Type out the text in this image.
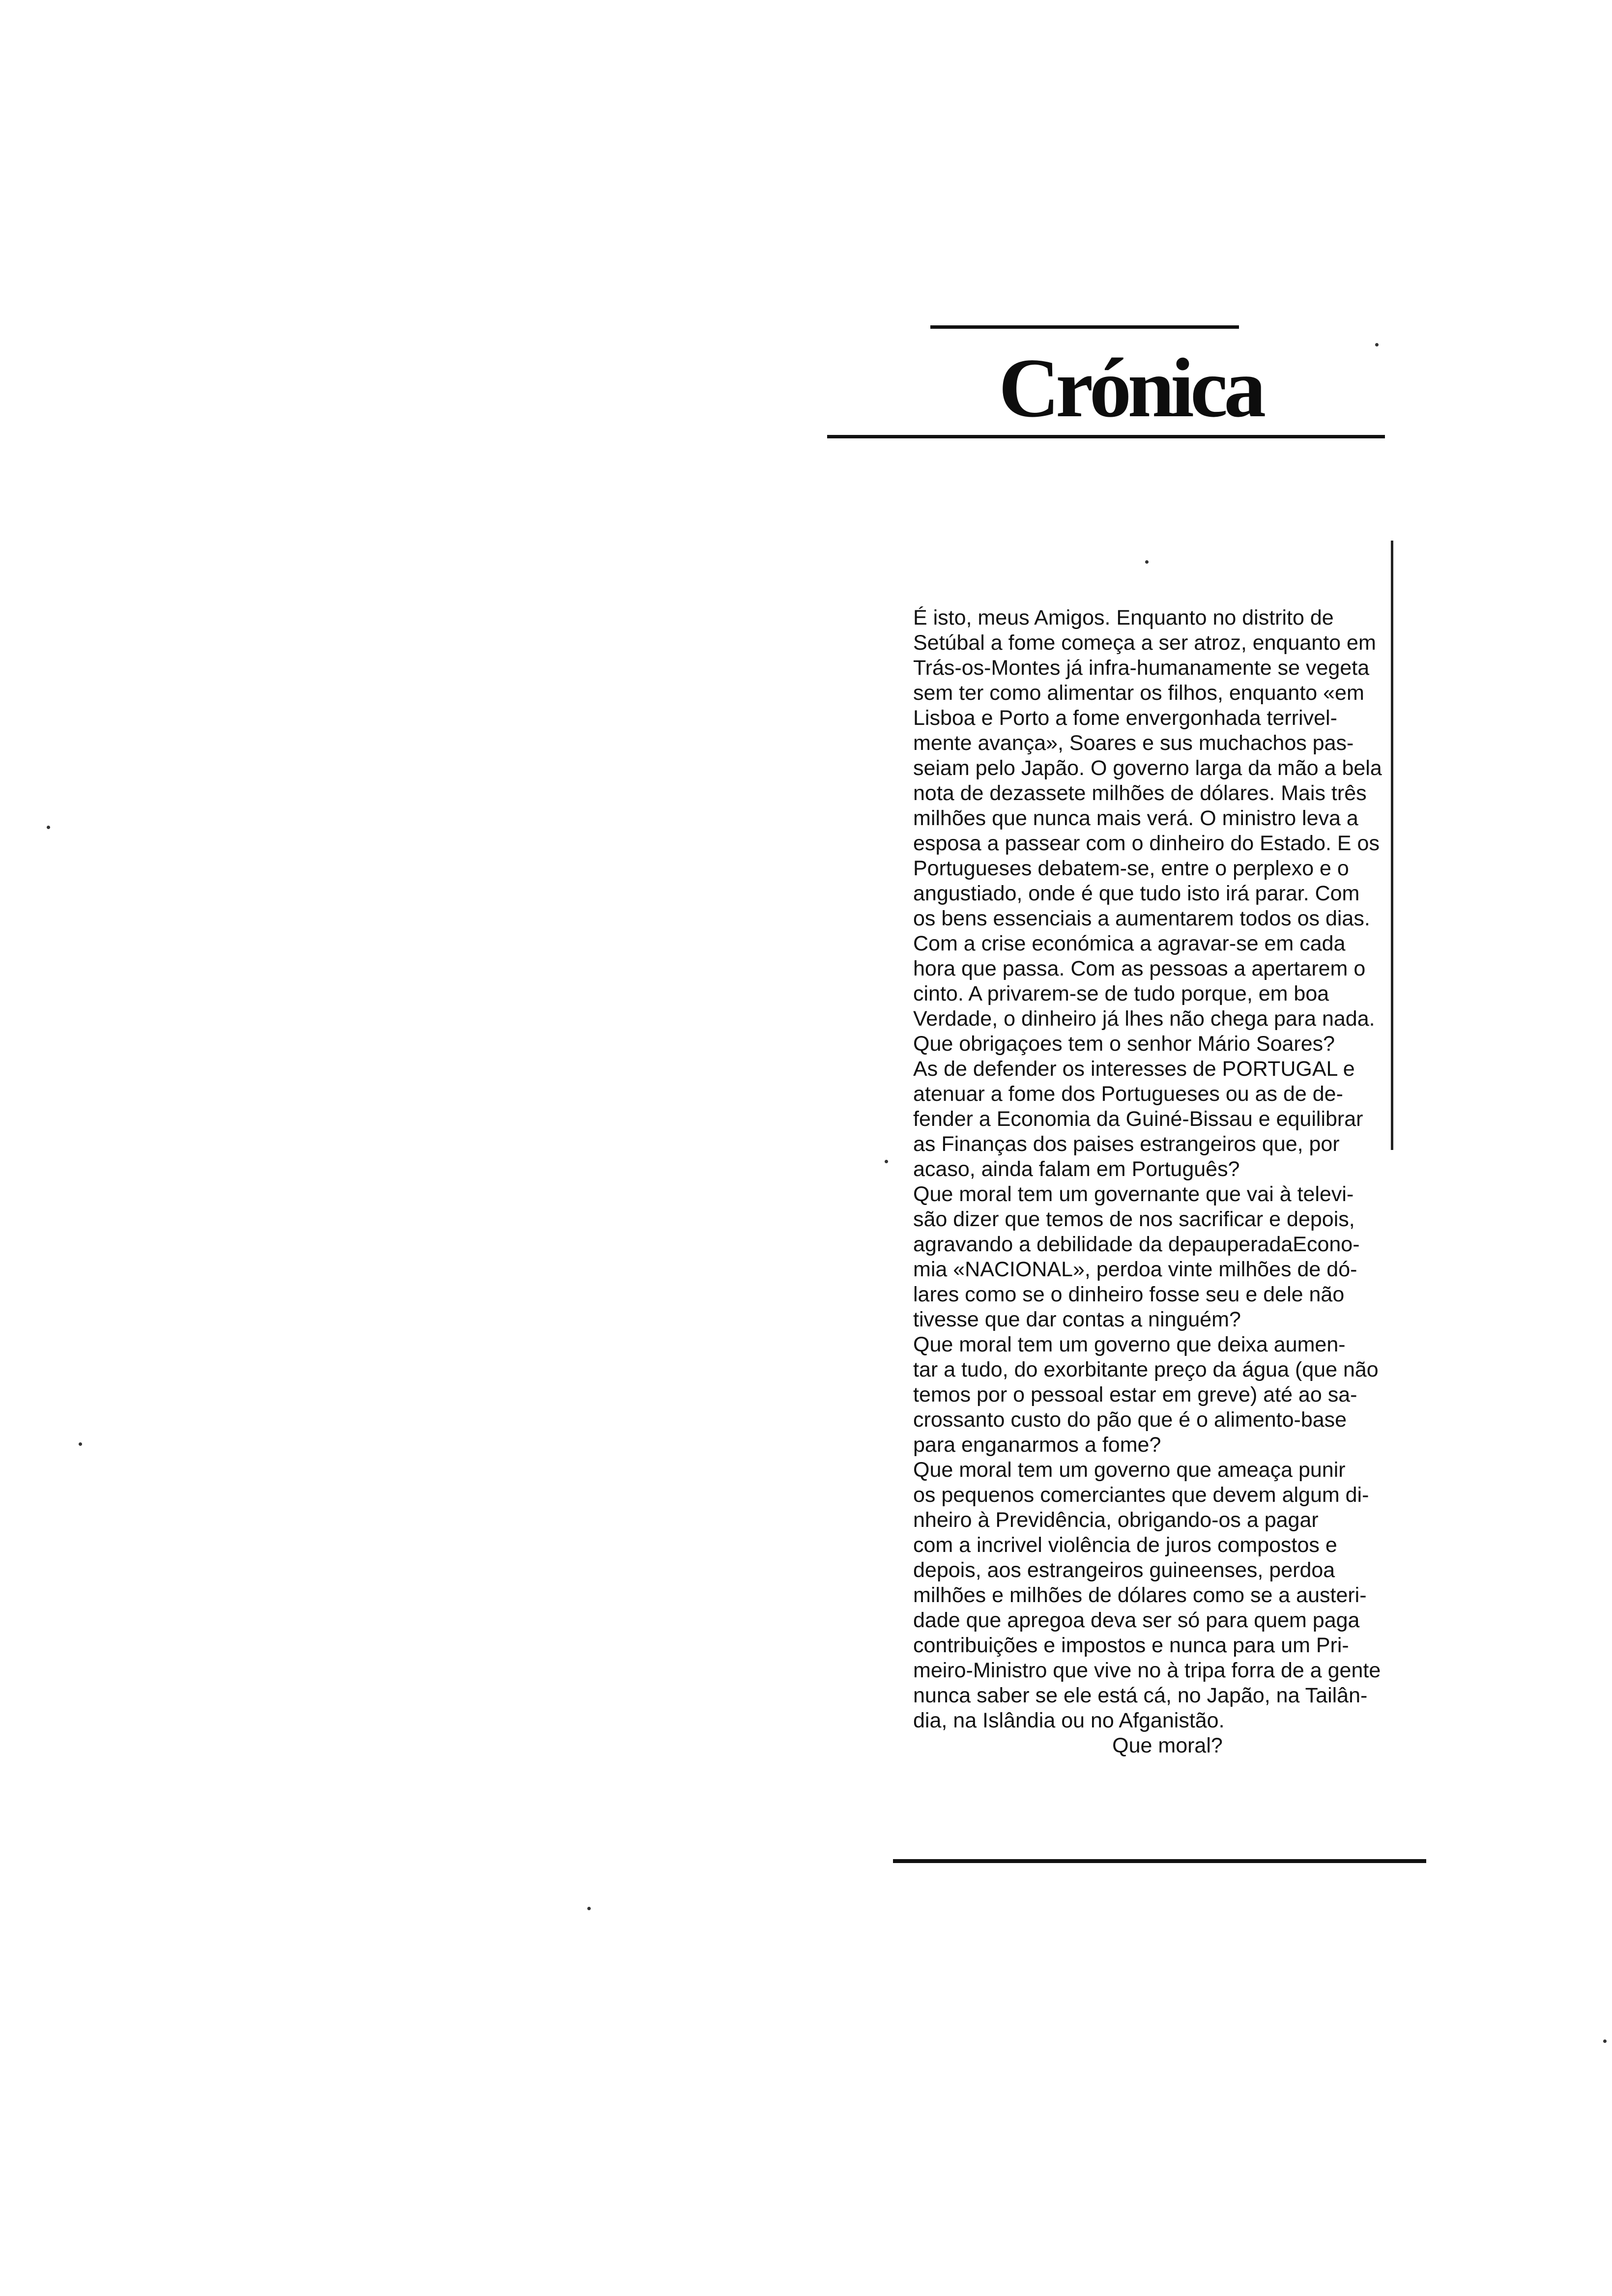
Crónica
É isto, meus Amigos. Enquanto no distrito de
Setúbal a fome começa a ser atroz, enquanto em
Trás-os-Montes já infra-humanamente se vegeta
sem ter como alimentar os filhos, enquanto «em
Lisboa e Porto a fome envergonhada terrivel-
mente avança», Soares e sus muchachos pas-
seiam pelo Japão. O governo larga da mão a bela
nota de dezassete milhões de dólares. Mais três
milhões que nunca mais verá. O ministro leva a
esposa a passear com o dinheiro do Estado. E os
Portugueses debatem-se, entre o perplexo e o
angustiado, onde é que tudo isto irá parar. Com
os bens essenciais a aumentarem todos os dias.
Com a crise económica a agravar-se em cada
hora que passa. Com as pessoas a apertarem o
cinto. A privarem-se de tudo porque, em boa
Verdade, o dinheiro já lhes não chega para nada.
Que obrigaçoes tem o senhor Mário Soares?
As de defender os interesses de PORTUGAL e
atenuar a fome dos Portugueses ou as de de-
fender a Economia da Guiné-Bissau e equilibrar
as Finanças dos paises estrangeiros que, por
acaso, ainda falam em Português?
Que moral tem um governante que vai à televi-
são dizer que temos de nos sacrificar e depois,
agravando a debilidade da depauperadaEcono-
mia «NACIONAL», perdoa vinte milhões de dó-
lares como se o dinheiro fosse seu e dele não
tivesse que dar contas a ninguém?
Que moral tem um governo que deixa aumen-
tar a tudo, do exorbitante preço da água (que não
temos por o pessoal estar em greve) até ao sa-
crossanto custo do pão que é o alimento-base
para enganarmos a fome?
Que moral tem um governo que ameaça punir
os pequenos comerciantes que devem algum di-
nheiro à Previdência, obrigando-os a pagar
com a incrivel violência de juros compostos e
depois, aos estrangeiros guineenses, perdoa
milhões e milhões de dólares como se a austeri-
dade que apregoa deva ser só para quem paga
contribuições e impostos e nunca para um Pri-
meiro-Ministro que vive no à tripa forra de a gente
nunca saber se ele está cá, no Japão, na Tailân-
dia, na Islândia ou no Afganistão.
Que moral?
